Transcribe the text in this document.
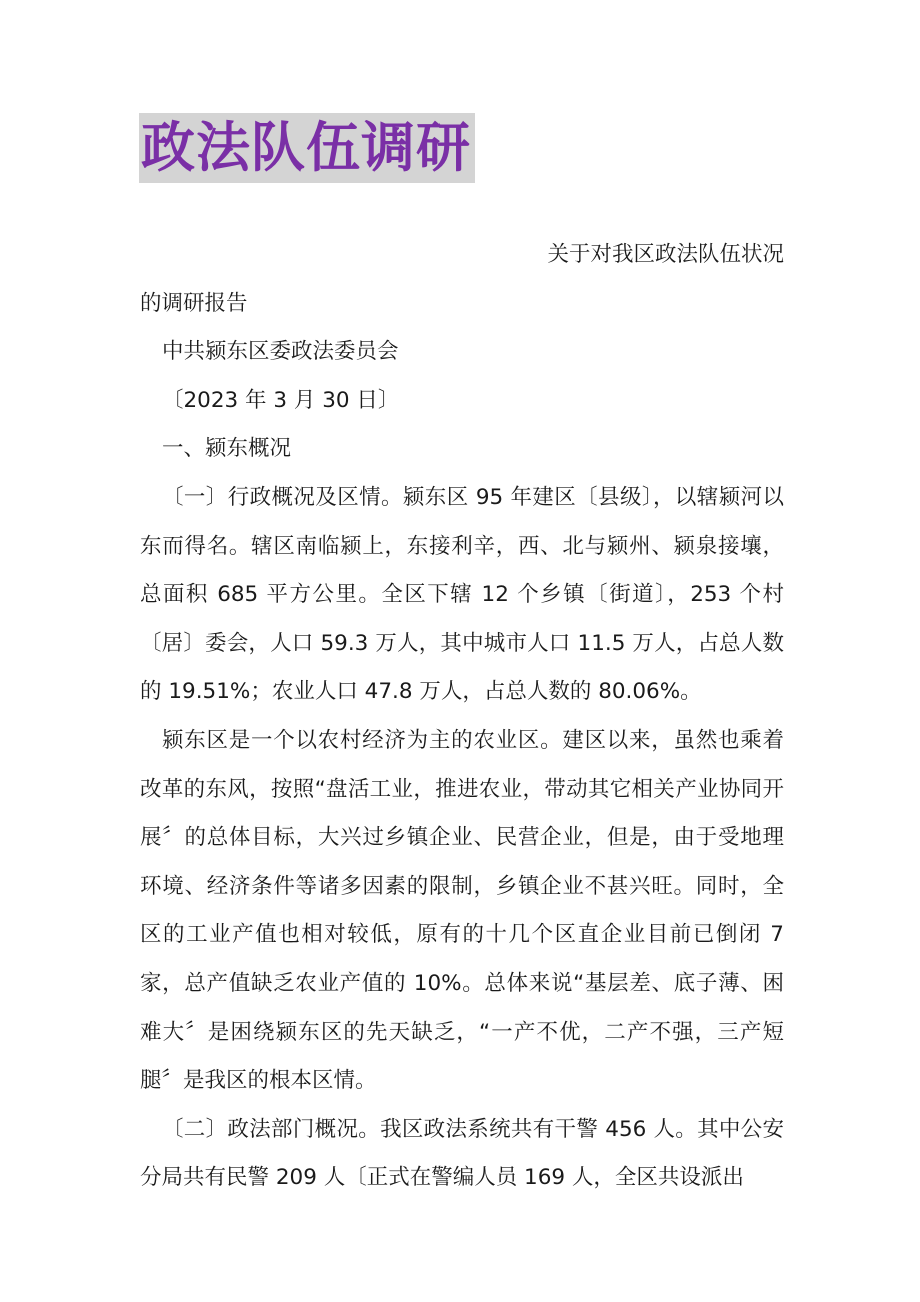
政法队伍调研

关于对我区政法队伍状况

的调研报告

中共颍东区委政法委员会

〔2023 年 3 月 30 日〕

一、颍东概况

〔一〕行政概况及区情。颍东区 95 年建区〔县级〕，以辖颍河以东而得名。辖区南临颍上，东接利辛，西、北与颍州、颍泉接壤，总面积 685 平方公里。全区下辖 12 个乡镇〔街道〕，253 个村〔居〕委会，人口 59.3 万人，其中城市人口 11.5 万人，占总人数的 19.51%；农业人口 47.8 万人，占总人数的 80.06%。

颍东区是一个以农村经济为主的农业区。建区以来，虽然也乘着改革的东风，按照“盘活工业，推进农业，带动其它相关产业协同开展〞的总体目标，大兴过乡镇企业、民营企业，但是，由于受地理环境、经济条件等诸多因素的限制，乡镇企业不甚兴旺。同时，全区的工业产值也相对较低，原有的十几个区直企业目前已倒闭 7 家，总产值缺乏农业产值的 10%。总体来说“基层差、底子薄、困难大〞是困绕颍东区的先天缺乏，“一产不优，二产不强，三产短腿〞是我区的根本区情。

〔二〕政法部门概况。我区政法系统共有干警 456 人。其中公安分局共有民警 209 人〔正式在警编人员 169 人，全区共设派出
